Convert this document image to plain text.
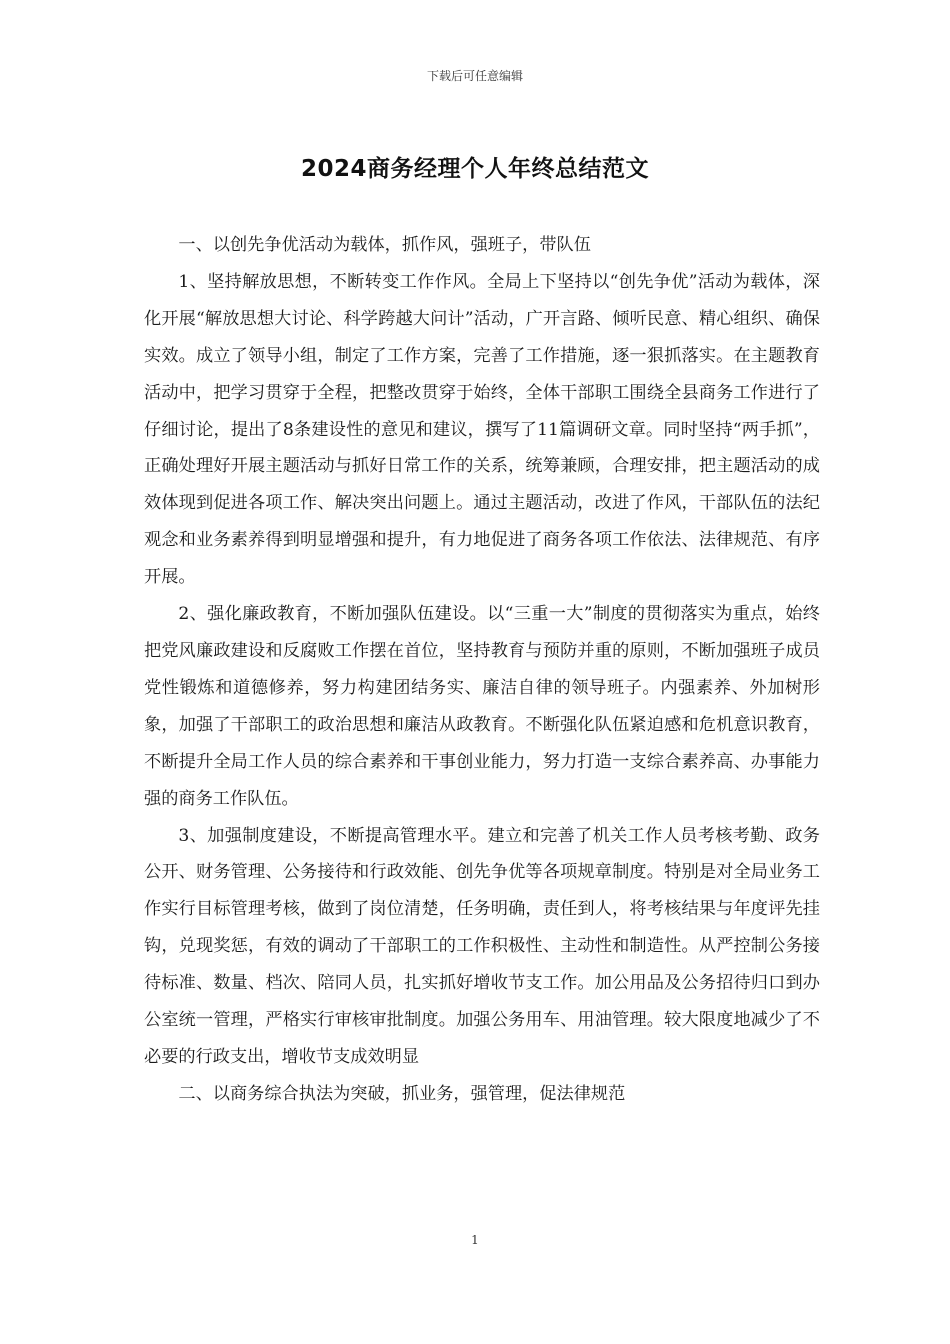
下载后可任意编辑
2024商务经理个人年终总结范文

一、以创先争优活动为载体，抓作风，强班子，带队伍

1、坚持解放思想，不断转变工作作风。全局上下坚持以“创先争优”活动为载体，深化开展“解放思想大讨论、科学跨越大问计”活动，广开言路、倾听民意、精心组织、确保实效。成立了领导小组，制定了工作方案，完善了工作措施，逐一狠抓落实。在主题教育活动中，把学习贯穿于全程，把整改贯穿于始终，全体干部职工围绕全县商务工作进行了仔细讨论，提出了8条建设性的意见和建议，撰写了11篇调研文章。同时坚持“两手抓”，正确处理好开展主题活动与抓好日常工作的关系，统筹兼顾，合理安排，把主题活动的成效体现到促进各项工作、解决突出问题上。通过主题活动，改进了作风，干部队伍的法纪观念和业务素养得到明显增强和提升，有力地促进了商务各项工作依法、法律规范、有序开展。

2、强化廉政教育，不断加强队伍建设。以“三重一大”制度的贯彻落实为重点，始终把党风廉政建设和反腐败工作摆在首位，坚持教育与预防并重的原则，不断加强班子成员党性锻炼和道德修养，努力构建团结务实、廉洁自律的领导班子。内强素养、外加树形象，加强了干部职工的政治思想和廉洁从政教育。不断强化队伍紧迫感和危机意识教育，不断提升全局工作人员的综合素养和干事创业能力，努力打造一支综合素养高、办事能力强的商务工作队伍。

3、加强制度建设，不断提高管理水平。建立和完善了机关工作人员考核考勤、政务公开、财务管理、公务接待和行政效能、创先争优等各项规章制度。特别是对全局业务工作实行目标管理考核，做到了岗位清楚，任务明确，责任到人，将考核结果与年度评先挂钩，兑现奖惩，有效的调动了干部职工的工作积极性、主动性和制造性。从严控制公务接待标准、数量、档次、陪同人员，扎实抓好增收节支工作。加公用品及公务招待归口到办公室统一管理，严格实行审核审批制度。加强公务用车、用油管理。较大限度地减少了不必要的行政支出，增收节支成效明显

二、以商务综合执法为突破，抓业务，强管理，促法律规范

1
